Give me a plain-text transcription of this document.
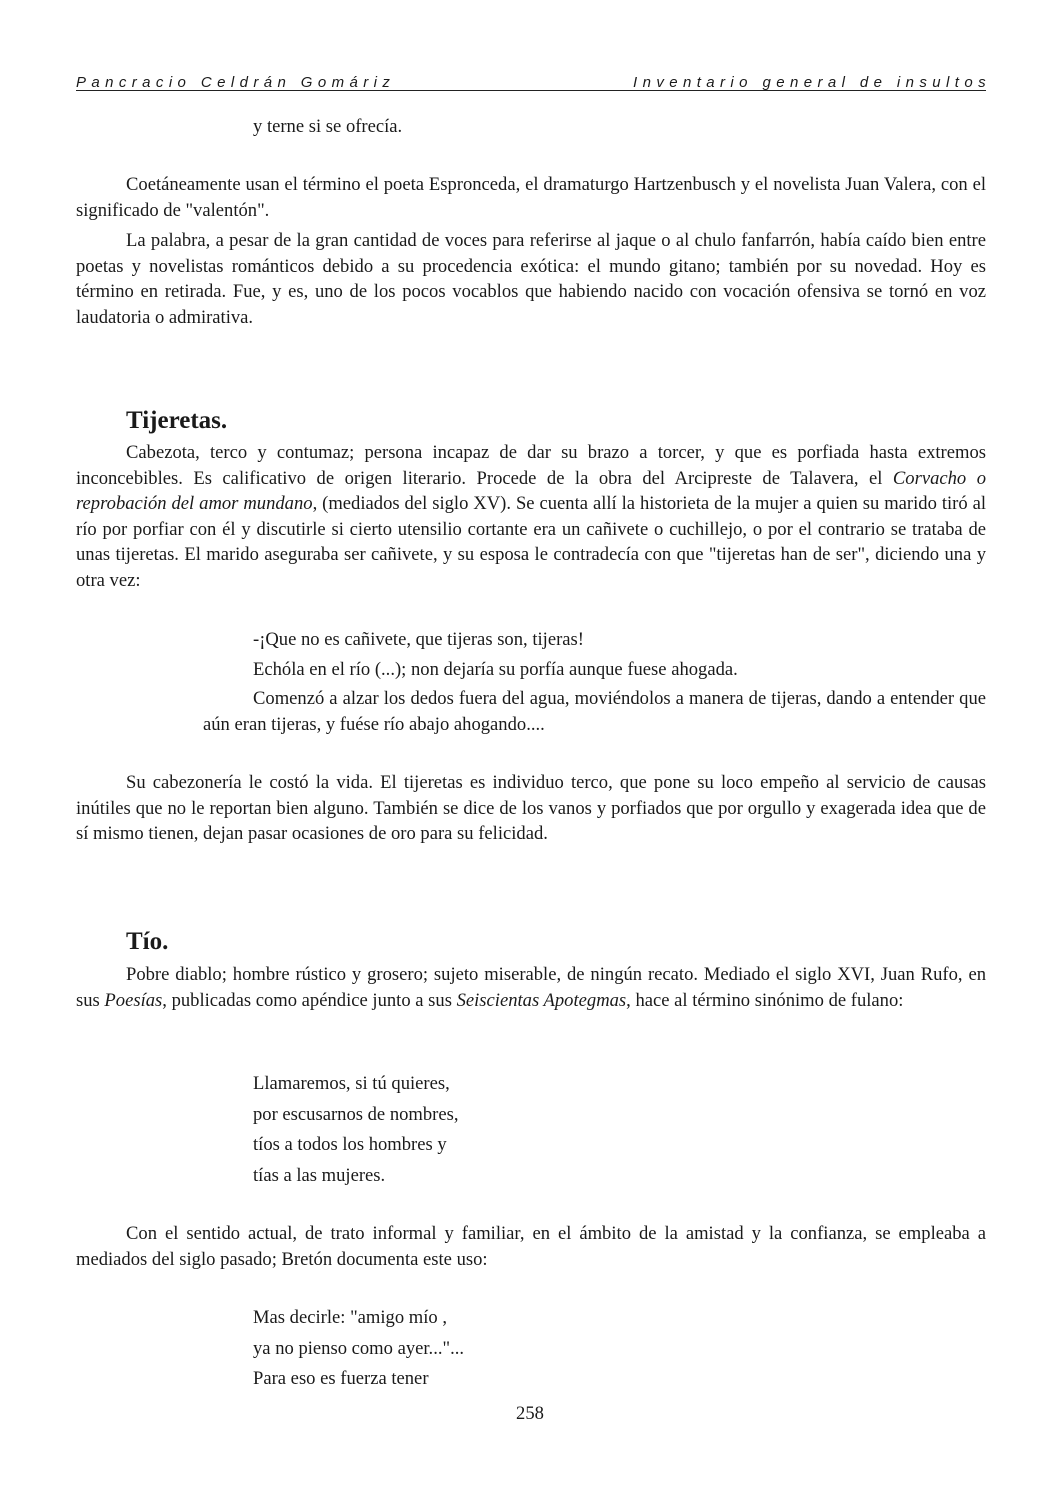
Pancracio Celdrán Gomáriz	Inventario general de insultos
y terne si se ofrecía.

Coetáneamente usan el término el poeta Espronceda, el dramaturgo Hartzenbusch y el novelista Juan Valera, con el significado de "valentón".

La palabra, a pesar de la gran cantidad de voces para referirse al jaque o al chulo fanfarrón, había caído bien entre poetas y novelistas románticos debido a su procedencia exótica: el mundo gitano; también por su novedad. Hoy es término en retirada. Fue, y es, uno de los pocos vocablos que habiendo nacido con vocación ofensiva se tornó en voz laudatoria o admirativa.

Tijeretas.

Cabezota, terco y contumaz; persona incapaz de dar su brazo a torcer, y que es porfiada hasta extremos inconcebibles. Es calificativo de origen literario. Procede de la obra del Arcipreste de Talavera, el Corvacho o reprobación del amor mundano, (mediados del siglo XV). Se cuenta allí la historieta de la mujer a quien su marido tiró al río por porfiar con él y discutirle si cierto utensilio cortante era un cañivete o cuchillejo, o por el contrario se trataba de unas tijeretas. El marido aseguraba ser cañivete, y su esposa le contradecía con que "tijeretas han de ser", diciendo una y otra vez:

-¡Que no es cañivete, que tijeras son, tijeras!
Echóla en el río (...); non dejaría su porfía aunque fuese ahogada.

Comenzó a alzar los dedos fuera del agua, moviéndolos a manera de tijeras, dando a entender que aún eran tijeras, y fuése río abajo ahogando....

Su cabezonería le costó la vida. El tijeretas es individuo terco, que pone su loco empeño al servicio de causas inútiles que no le reportan bien alguno. También se dice de los vanos y porfiados que por orgullo y exagerada idea que de sí mismo tienen, dejan pasar ocasiones de oro para su felicidad.

Tío.

Pobre diablo; hombre rústico y grosero; sujeto miserable, de ningún recato. Mediado el siglo XVI, Juan Rufo, en sus Poesías, publicadas como apéndice junto a sus Seiscientas Apotegmas, hace al término sinónimo de fulano:

Llamaremos, si tú quieres,
por escusarnos de nombres,
tíos a todos los hombres y
tías a las mujeres.

Con el sentido actual, de trato informal y familiar, en el ámbito de la amistad y la confianza, se empleaba a mediados del siglo pasado; Bretón documenta este uso:

Mas decirle: "amigo mío ,
ya no pienso como ayer..."...
Para eso es fuerza tener
258
